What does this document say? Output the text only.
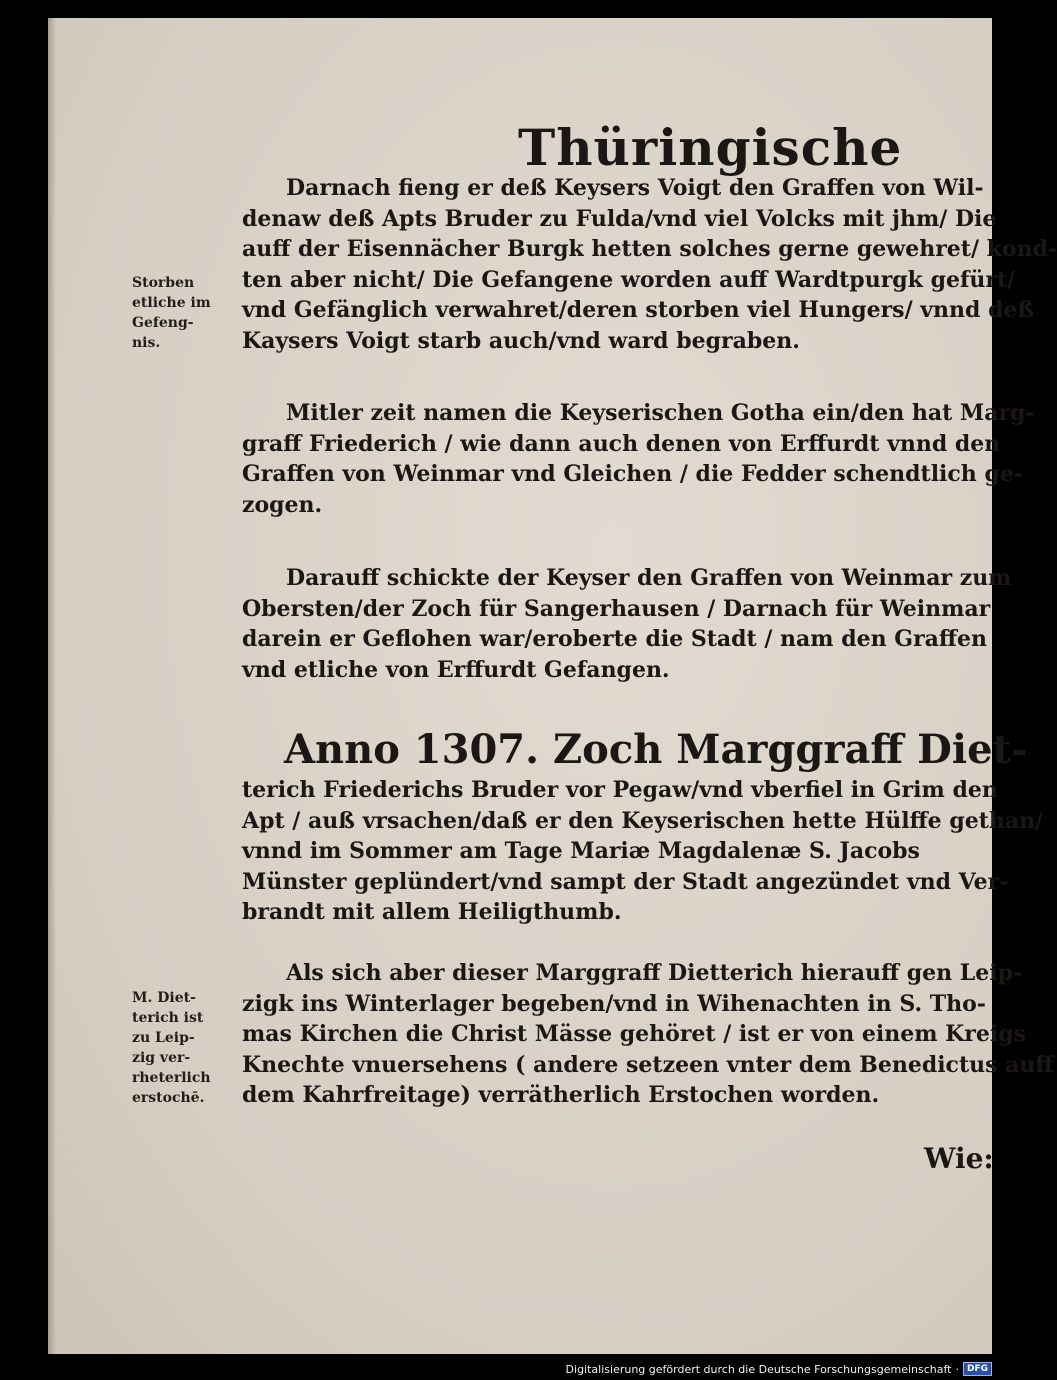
Thüringische
Darnach fieng er deß Keysers Voigt den Graffen von Wil-
denaw deß Apts Bruder zu Fulda/vnd viel Volcks mit jhm/ Die
auff der Eisennächer Burgk hetten solches gerne gewehret/ kond-
ten aber nicht/ Die Gefangene worden auff Wardtpurgk gefürt/
vnd Gefänglich verwahret/deren storben viel Hungers/ vnnd deß
Kaysers Voigt starb auch/vnd ward begraben.
Storben
etliche im
Gefeng-
nis.
Mitler zeit namen die Keyserischen Gotha ein/den hat Marg-
graff Friederich / wie dann auch denen von Erffurdt vnnd den
Graffen von Weinmar vnd Gleichen / die Fedder schendtlich ge-
zogen.
Darauff schickte der Keyser den Graffen von Weinmar zum
Obersten/der Zoch für Sangerhausen / Darnach für Weinmar
darein er Geflohen war/eroberte die Stadt / nam den Graffen
vnd etliche von Erffurdt Gefangen.
Anno 1307. Zoch Marggraff Diet-
terich Friederichs Bruder vor Pegaw/vnd vberfiel in Grim den
Apt / auß vrsachen/daß er den Keyserischen hette Hülffe gethan/
vnnd im Sommer am Tage Mariæ Magdalenæ S. Jacobs
Münster geplündert/vnd sampt der Stadt angezündet vnd Ver-
brandt mit allem Heiligthumb.
Als sich aber dieser Marggraff Dietterich hierauff gen Leip-
zigk ins Winterlager begeben/vnd in Wihenachten in S. Tho-
mas Kirchen die Christ Mässe gehöret / ist er von einem Kreigs
Knechte vnuersehens ( andere setzeen vnter dem Benedictus auff
dem Kahrfreitage) verrätherlich Erstochen worden.
M. Diet-
terich ist
zu Leip-
zig ver-
rheterlich
erstochē.
Wie:
Digitalisierung gefördert durch die Deutsche Forschungsgemeinschaft · DFG
